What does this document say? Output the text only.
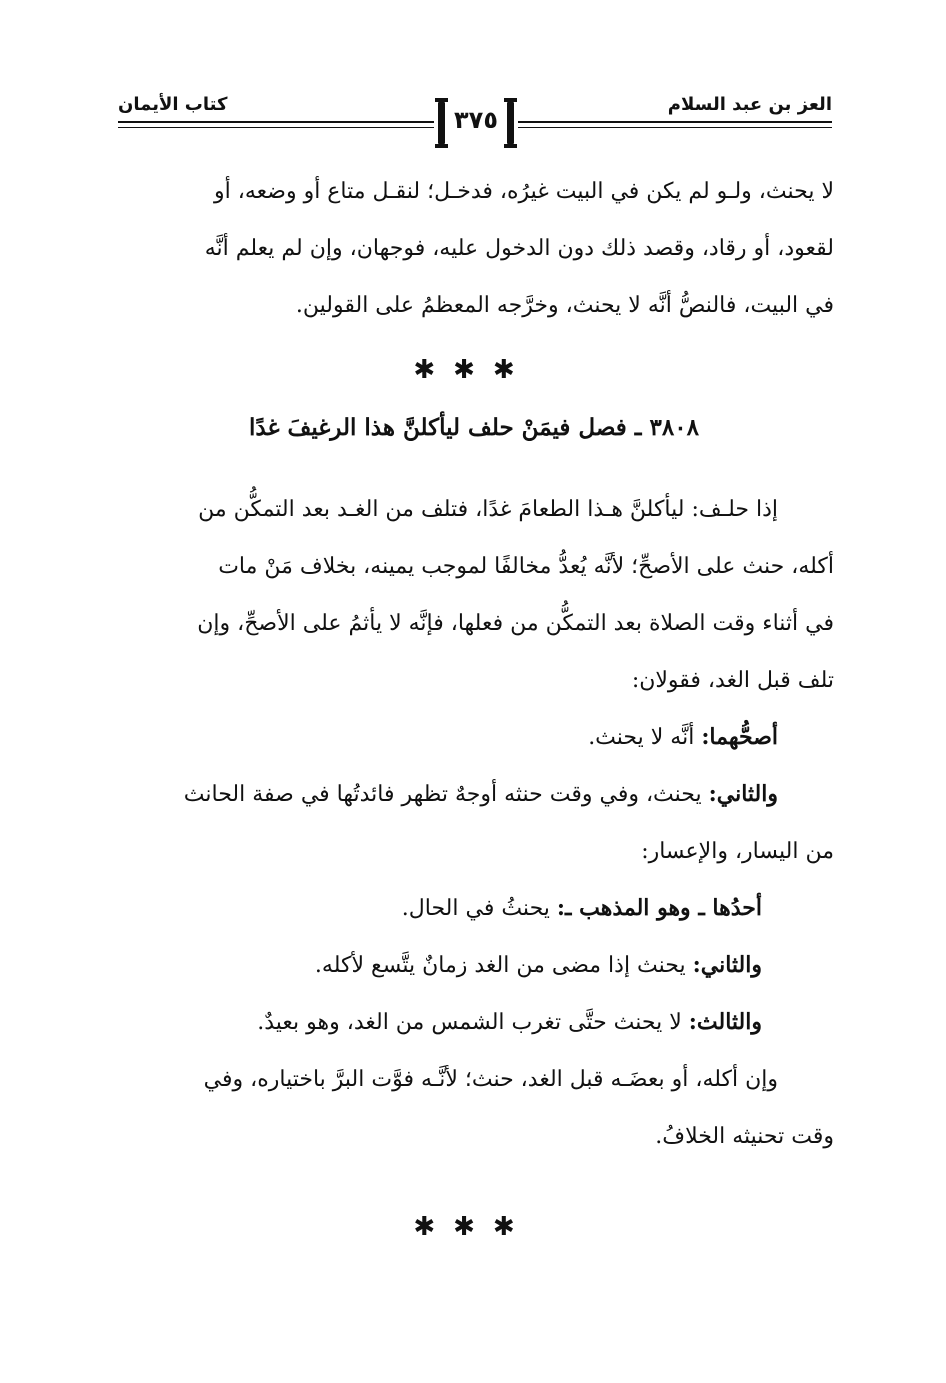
العز بن عبد السلام
كتاب الأيمان
٣٧٥
لا يحنث، ولـو لم يكن في البيت غيرُه، فدخـل؛ لنقـل متاع أو وضعه، أو
لقعود، أو رقاد، وقصد ذلك دون الدخول عليه، فوجهان، وإن لم يعلم أنَّه
في البيت، فالنصُّ أنَّه لا يحنث، وخرَّجه المعظمُ على القولين.
✱✱✱
٣٨٠٨ ـ فصل فيمَنْ حلف ليأكلنَّ هذا الرغيفَ غدًا
إذا حلـف: ليأكلنَّ هـذا الطعامَ غدًا، فتلف من الغـد بعد التمكُّن من
أكله، حنث على الأصحِّ؛ لأنَّه يُعدُّ مخالفًا لموجب يمينه، بخلاف مَنْ مات
في أثناء وقت الصلاة بعد التمكُّن من فعلها، فإنَّه لا يأثمُ على الأصحِّ، وإن
تلف قبل الغد، فقولان:
أصحُّهما: أنَّه لا يحنث.
والثاني: يحنث، وفي وقت حنثه أوجهٌ تظهر فائدتُها في صفة الحانث
من اليسار، والإعسار:
أحدُها ـ وهو المذهب ـ: يحنثُ في الحال.
والثاني: يحنث إذا مضى من الغد زمانٌ يتَّسع لأكله.
والثالث: لا يحنث حتَّى تغرب الشمس من الغد، وهو بعيدٌ.
وإن أكله، أو بعضَـه قبل الغد، حنث؛ لأنَّـه فوَّت البرَّ باختياره، وفي
وقت تحنيثه الخلافُ.
✱✱✱
